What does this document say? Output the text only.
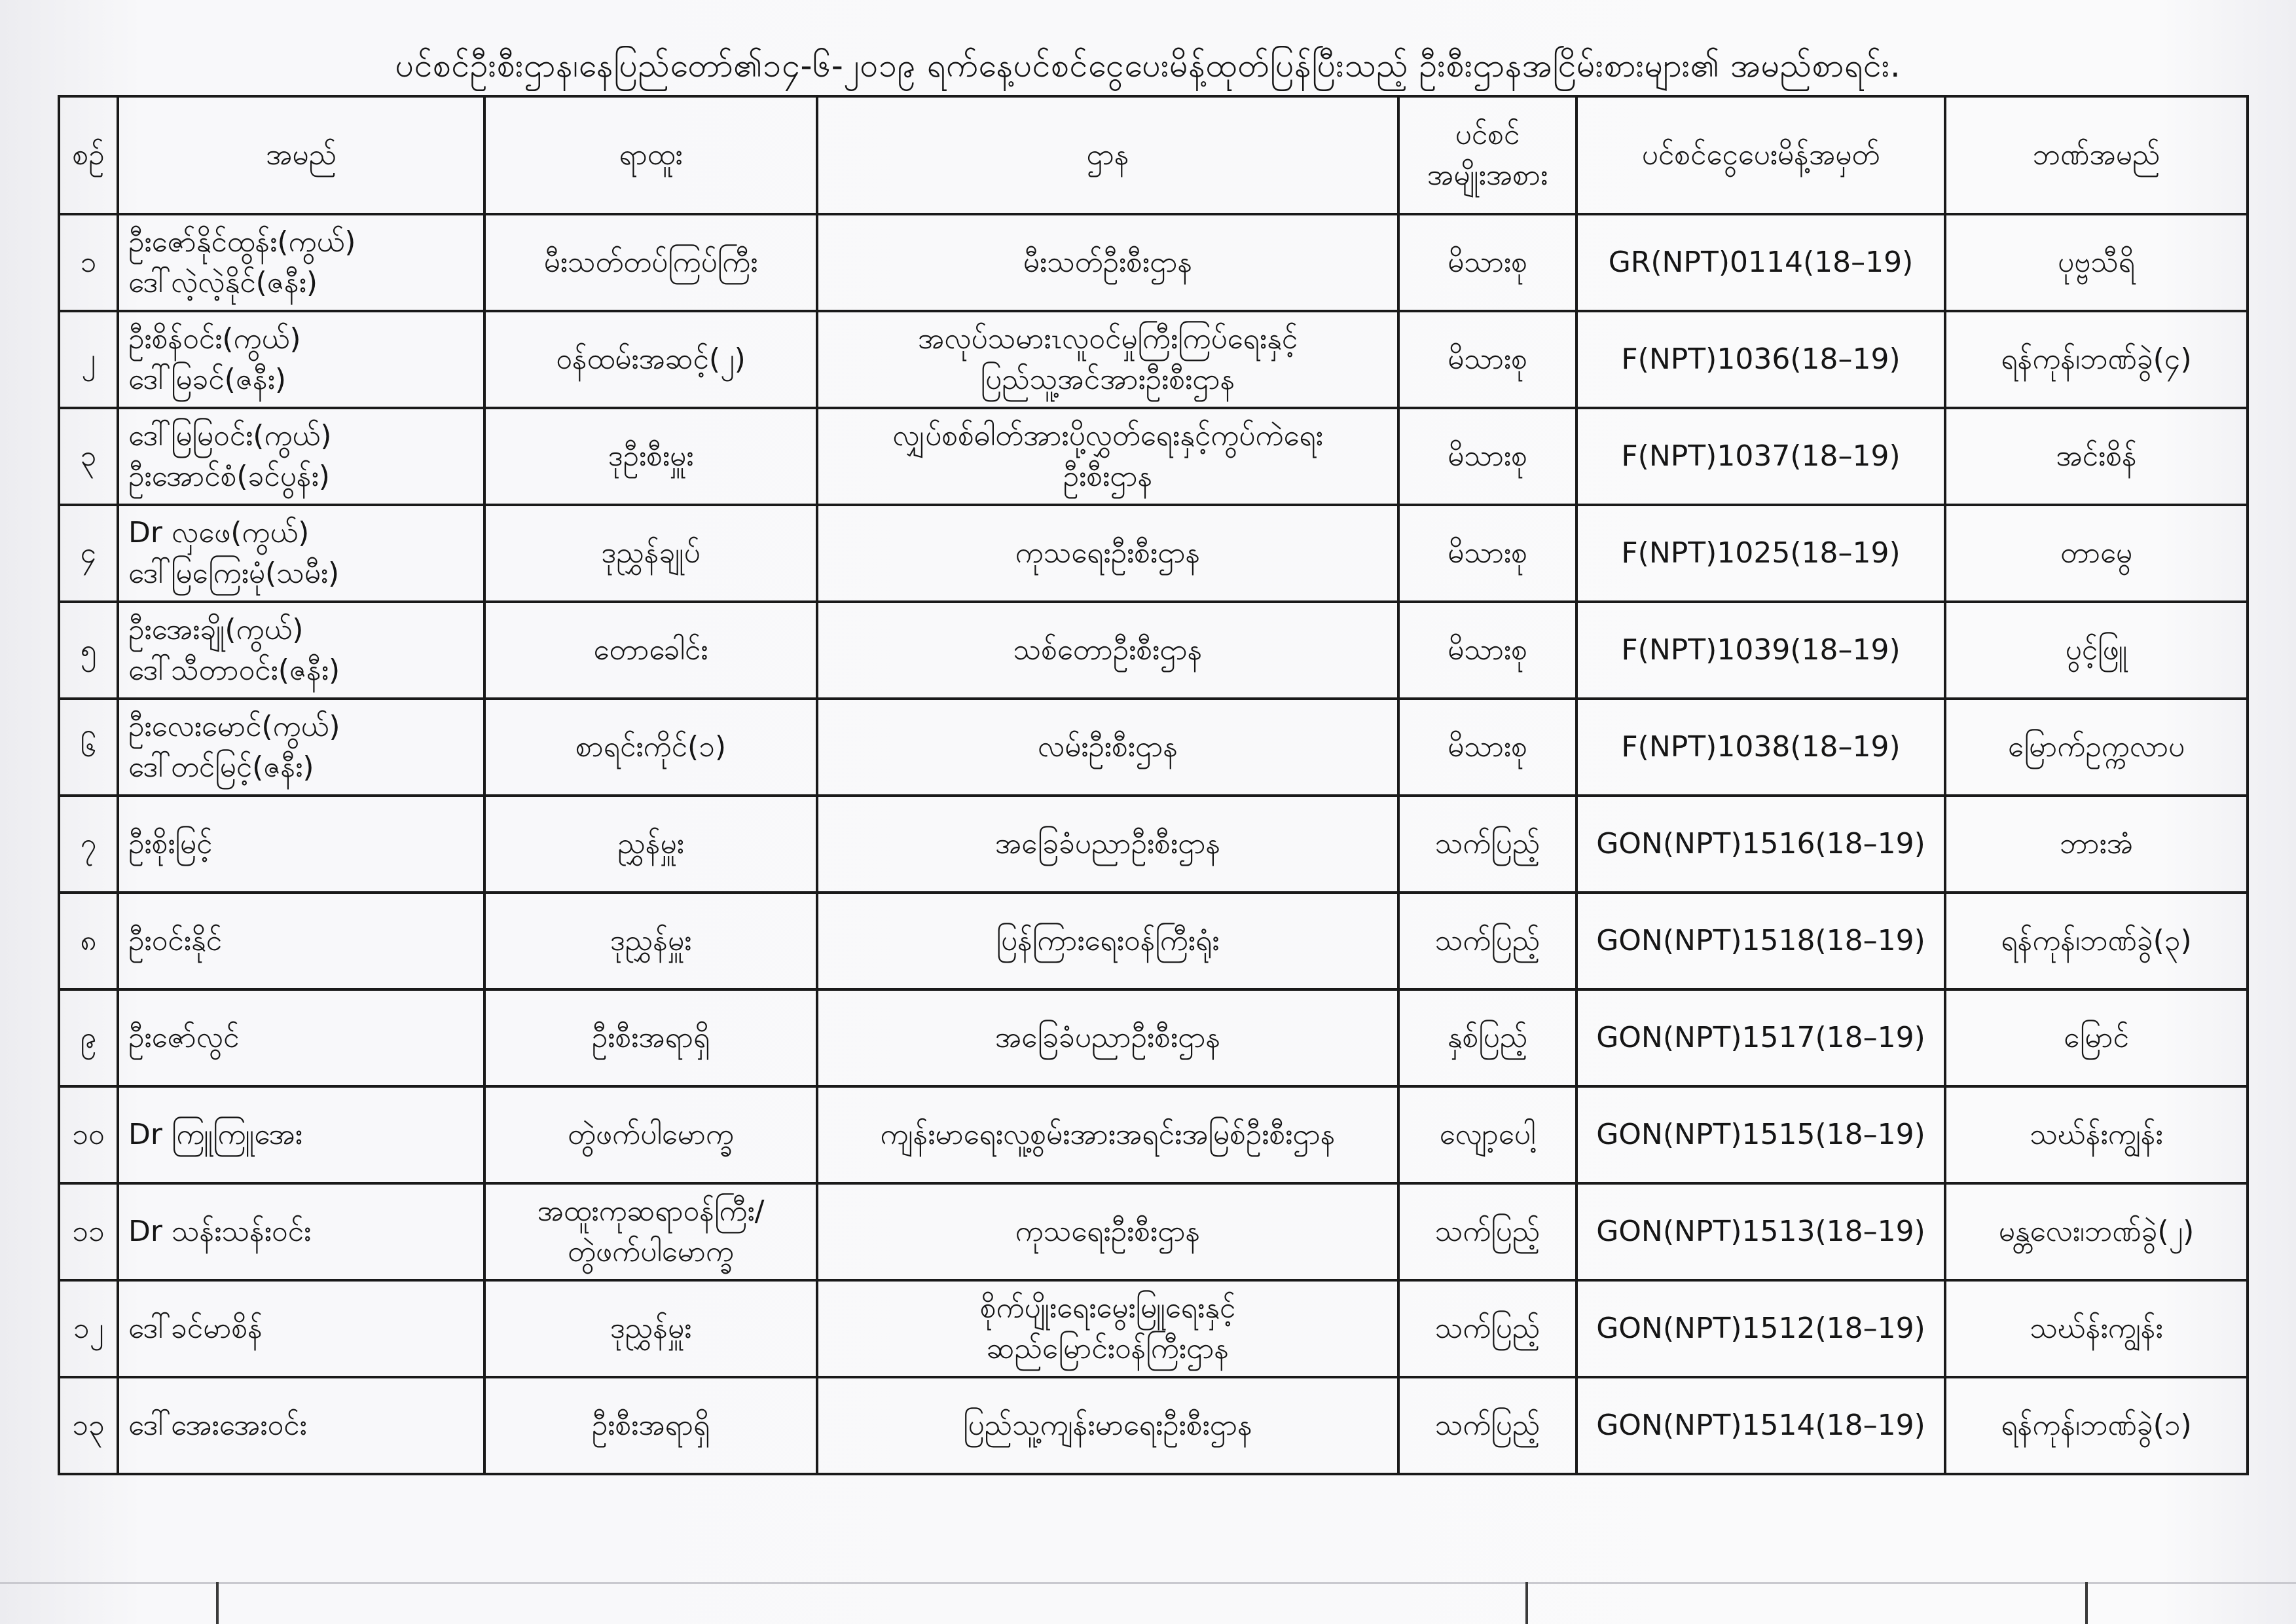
ပင်စင်ဦးစီးဌာန၊နေပြည်တော်၏၁၄-၆-၂၀၁၉ ရက်နေ့ပင်စင်ငွေပေးမိန့်ထုတ်ပြန်ပြီးသည့် ဦးစီးဌာနအငြိမ်းစားများ၏ အမည်စာရင်း.
စဉ်	အမည်	ရာထူး	ဌာန	ပင်စင်
အမျိုးအစား	ပင်စင်ငွေပေးမိန့်အမှတ်	ဘဏ်အမည်

၁	ဦးဇော်နိုင်ထွန်း(ကွယ်)
ဒေါ်လဲ့လဲ့နိုင်(ဇနီး)	မီးသတ်တပ်ကြပ်ကြီး	မီးသတ်ဦးစီးဌာန	မိသားစု	GR(NPT)0114(18–19)	ပုဗ္ဗသီရိ

၂	ဦးစိန်ဝင်း(ကွယ်)
ဒေါ်မြခင်(ဇနီး)	ဝန်ထမ်းအဆင့်(၂)	အလုပ်သမားၤလူဝင်မှုကြီးကြပ်ရေးနှင့်
ပြည်သူ့အင်အားဦးစီးဌာန	မိသားစု	F(NPT)1036(18–19)	ရန်ကုန်၊ဘဏ်ခွဲ(၄)

၃	ဒေါ်မြမြဝင်း(ကွယ်)
ဦးအောင်စံ(ခင်ပွန်း)	ဒုဦးစီးမှူး	လျှပ်စစ်ဓါတ်အားပို့လွှတ်ရေးနှင့်ကွပ်ကဲရေး
ဦးစီးဌာန	မိသားစု	F(NPT)1037(18–19)	အင်းစိန်

၄	Dr လှဖေ(ကွယ်)
ဒေါ်မြကြေးမုံ(သမီး)	ဒုညွှန်ချုပ်	ကုသရေးဦးစီးဌာန	မိသားစု	F(NPT)1025(18–19)	တာမွေ

၅	ဦးအေးချို(ကွယ်)
ဒေါ်သီတာဝင်း(ဇနီး)	တောခေါင်း	သစ်တောဦးစီးဌာန	မိသားစု	F(NPT)1039(18–19)	ပွင့်ဖြူ

၆	ဦးလေးမောင်(ကွယ်)
ဒေါ်တင်မြင့်(ဇနီး)	စာရင်းကိုင်(၁)	လမ်းဦးစီးဌာန	မိသားစု	F(NPT)1038(18–19)	မြောက်ဥက္ကလာပ

၇	ဦးစိုးမြင့်	ညွှန်မှူး	အခြေခံပညာဦးစီးဌာန	သက်ပြည့်	GON(NPT)1516(18–19)	ဘားအံ

၈	ဦးဝင်းနိုင်	ဒုညွှန်မှူး	ပြန်ကြားရေးဝန်ကြီးရုံး	သက်ပြည့်	GON(NPT)1518(18–19)	ရန်ကုန်၊ဘဏ်ခွဲ(၃)

၉	ဦးဇော်လွင်	ဦးစီးအရာရှိ	အခြေခံပညာဦးစီးဌာန	နှစ်ပြည့်	GON(NPT)1517(18–19)	မြောင်

၁၀	Dr ကြူကြူအေး	တွဲဖက်ပါမောက္ခ	ကျန်းမာရေးလူ့စွမ်းအားအရင်းအမြစ်ဦးစီးဌာန	လျော့ပေါ့	GON(NPT)1515(18–19)	သဃ်န်းကျွန်း

၁၁	Dr သန်းသန်းဝင်း	အထူးကုဆရာဝန်ကြီး/
တွဲဖက်ပါမောက္ခ	ကုသရေးဦးစီးဌာန	သက်ပြည့်	GON(NPT)1513(18–19)	မန္တလေး၊ဘဏ်ခွဲ(၂)

၁၂	ဒေါ်ခင်မာစိန်	ဒုညွှန်မှူး	စိုက်ပျိုးရေးမွေးမြူရေးနှင့်
ဆည်မြောင်းဝန်ကြီးဌာန	သက်ပြည့်	GON(NPT)1512(18–19)	သဃ်န်းကျွန်း

၁၃	ဒေါ်အေးအေးဝင်း	ဦးစီးအရာရှိ	ပြည်သူ့ကျန်းမာရေးဦးစီးဌာန	သက်ပြည့်	GON(NPT)1514(18–19)	ရန်ကုန်၊ဘဏ်ခွဲ(၁)
